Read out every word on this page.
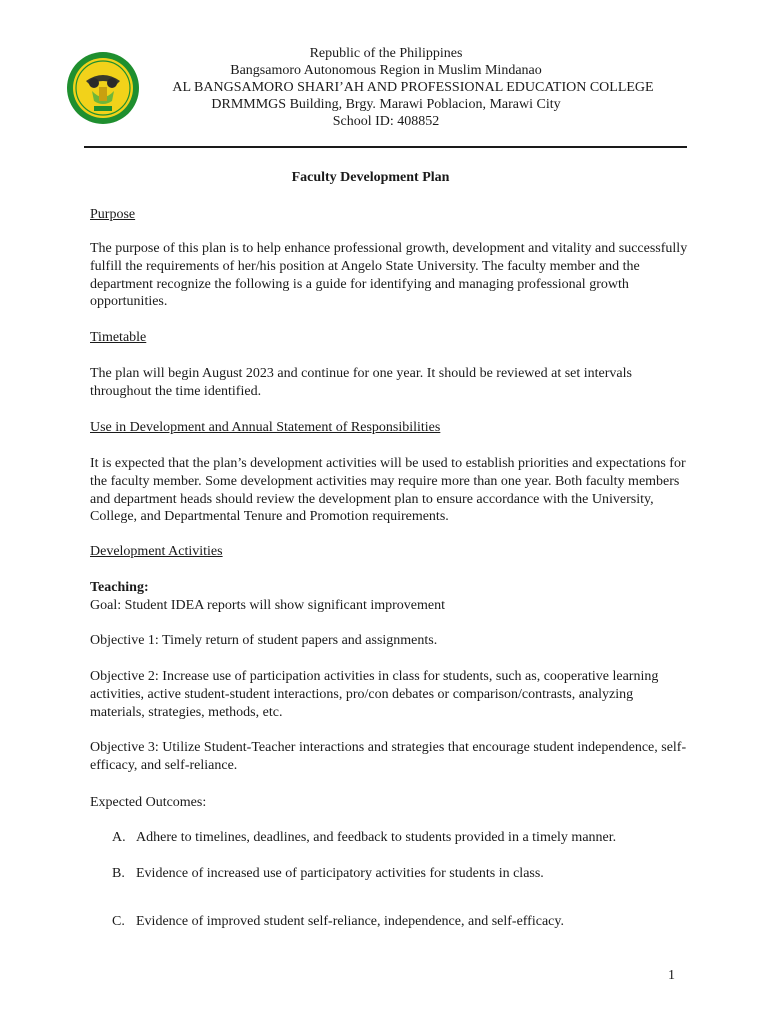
Republic of the Philippines
Bangsamoro Autonomous Region in Muslim Mindanao
AL BANGSAMORO SHARI’AH AND PROFESSIONAL EDUCATION COLLEGE
DRMMMGS Building, Brgy. Marawi Poblacion, Marawi City
School ID: 408852
Faculty Development Plan
Purpose
The purpose of this plan is to help enhance professional growth, development and vitality and successfully fulfill the requirements of her/his position at Angelo State University. The faculty member and the department recognize the following is a guide for identifying and managing professional growth opportunities.
Timetable
The plan will begin August 2023 and continue for one year. It should be reviewed at set intervals throughout the time identified.
Use in Development and Annual Statement of Responsibilities
It is expected that the plan’s development activities will be used to establish priorities and expectations for the faculty member. Some development activities may require more than one year. Both faculty members and department heads should review the development plan to ensure accordance with the University, College, and Departmental Tenure and Promotion requirements.
Development Activities
Teaching:
Goal: Student IDEA reports will show significant improvement
Objective 1: Timely return of student papers and assignments.
Objective 2: Increase use of participation activities in class for students, such as, cooperative learning activities, active student-student interactions, pro/con debates or comparison/contrasts, analyzing materials, strategies, methods, etc.
Objective 3: Utilize Student-Teacher interactions and strategies that encourage student independence, self-efficacy, and self-reliance.
Expected Outcomes:
A. Adhere to timelines, deadlines, and feedback to students provided in a timely manner.
B. Evidence of increased use of participatory activities for students in class.
C. Evidence of improved student self-reliance, independence, and self-efficacy.
1
